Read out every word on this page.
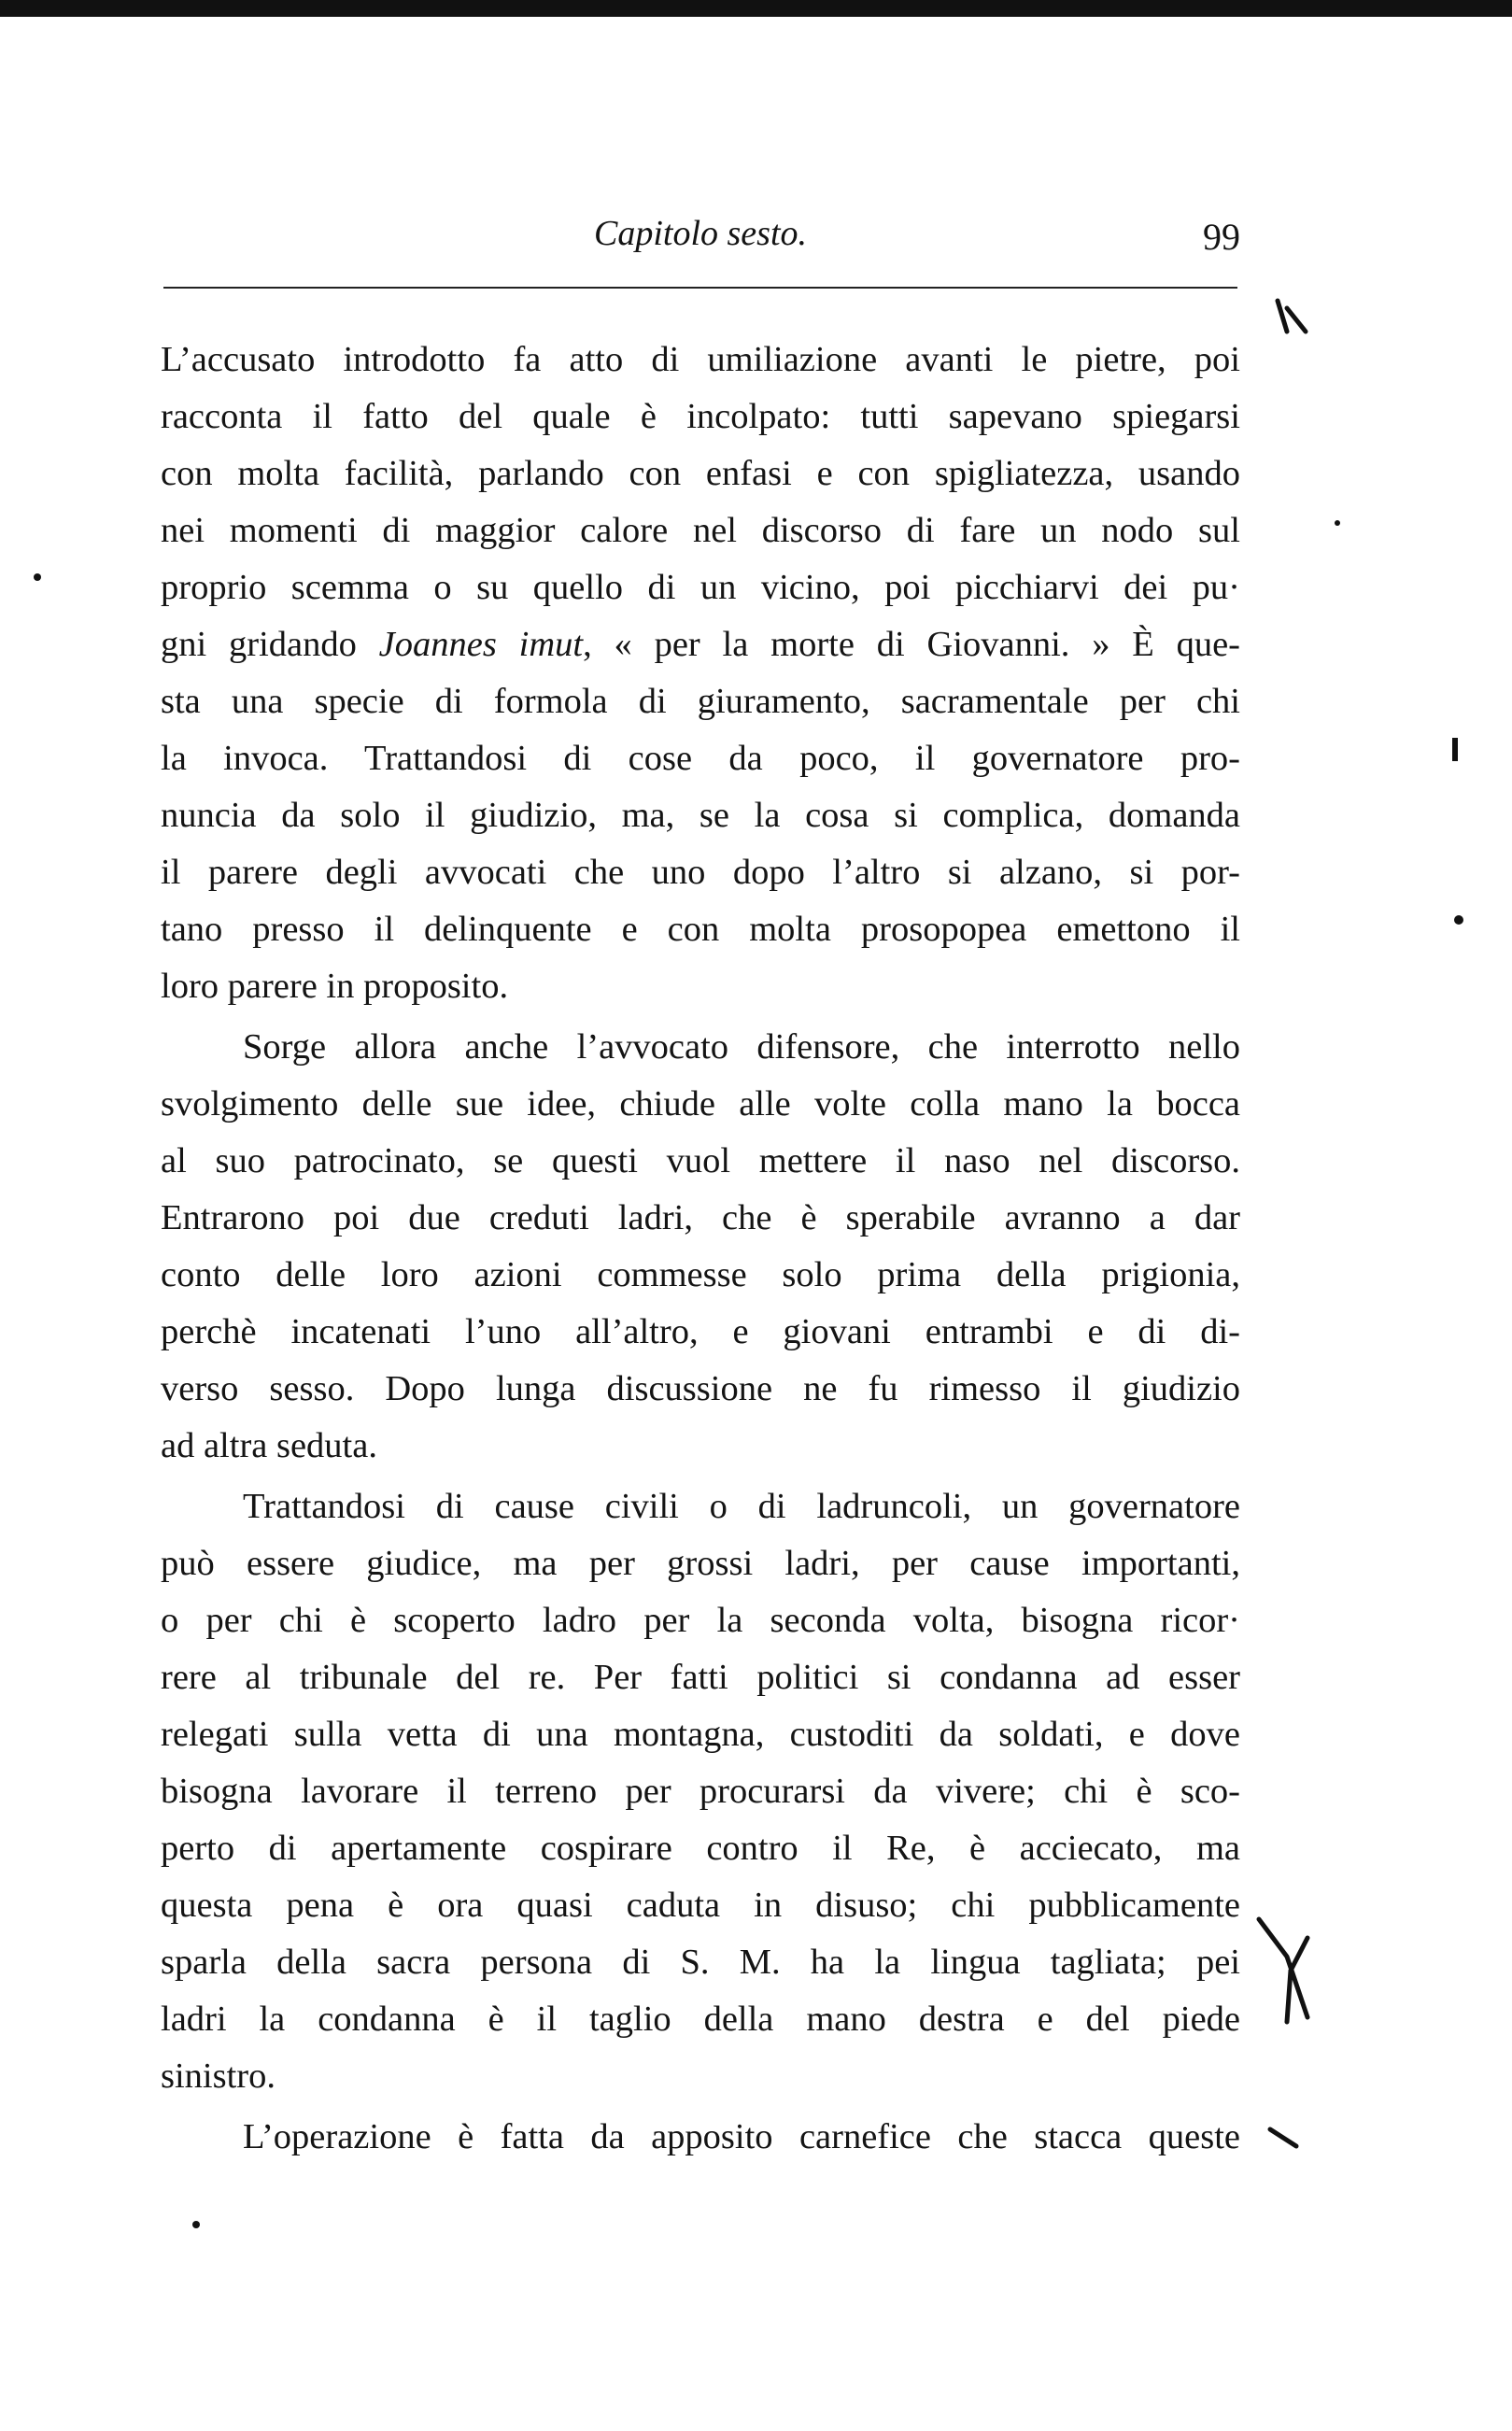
Capitolo sesto.	99
L’accusato introdotto fa atto di umiliazione avanti le pietre, poi
racconta il fatto del quale è incolpato: tutti sapevano spiegarsi
con molta facilità, parlando con enfasi e con spigliatezza, usando
nei momenti di maggior calore nel discorso di fare un nodo sul
proprio scemma o su quello di un vicino, poi picchiarvi dei pu·
gni gridando Joannes imut, « per la morte di Giovanni. » È que-
sta una specie di formola di giuramento, sacramentale per chi
la invoca. Trattandosi di cose da poco, il governatore pro-
nuncia da solo il giudizio, ma, se la cosa si complica, domanda
il parere degli avvocati che uno dopo l’altro si alzano, si por-
tano presso il delinquente e con molta prosopopea emettono il
loro parere in proposito.
Sorge allora anche l’avvocato difensore, che interrotto nello
svolgimento delle sue idee, chiude alle volte colla mano la bocca
al suo patrocinato, se questi vuol mettere il naso nel discorso.
Entrarono poi due creduti ladri, che è sperabile avranno a dar
conto delle loro azioni commesse solo prima della prigionia,
perchè incatenati l’uno all’altro, e giovani entrambi e di di-
verso sesso. Dopo lunga discussione ne fu rimesso il giudizio
ad altra seduta.
Trattandosi di cause civili o di ladruncoli, un governatore
può essere giudice, ma per grossi ladri, per cause importanti,
o per chi è scoperto ladro per la seconda volta, bisogna ricor·
rere al tribunale del re. Per fatti politici si condanna ad esser
relegati sulla vetta di una montagna, custoditi da soldati, e dove
bisogna lavorare il terreno per procurarsi da vivere; chi è sco-
perto di apertamente cospirare contro il Re, è acciecato, ma
questa pena è ora quasi caduta in disuso; chi pubblicamente
sparla della sacra persona di S. M. ha la lingua tagliata; pei
ladri la condanna è il taglio della mano destra e del piede
sinistro.
L’operazione è fatta da apposito carnefice che stacca queste
